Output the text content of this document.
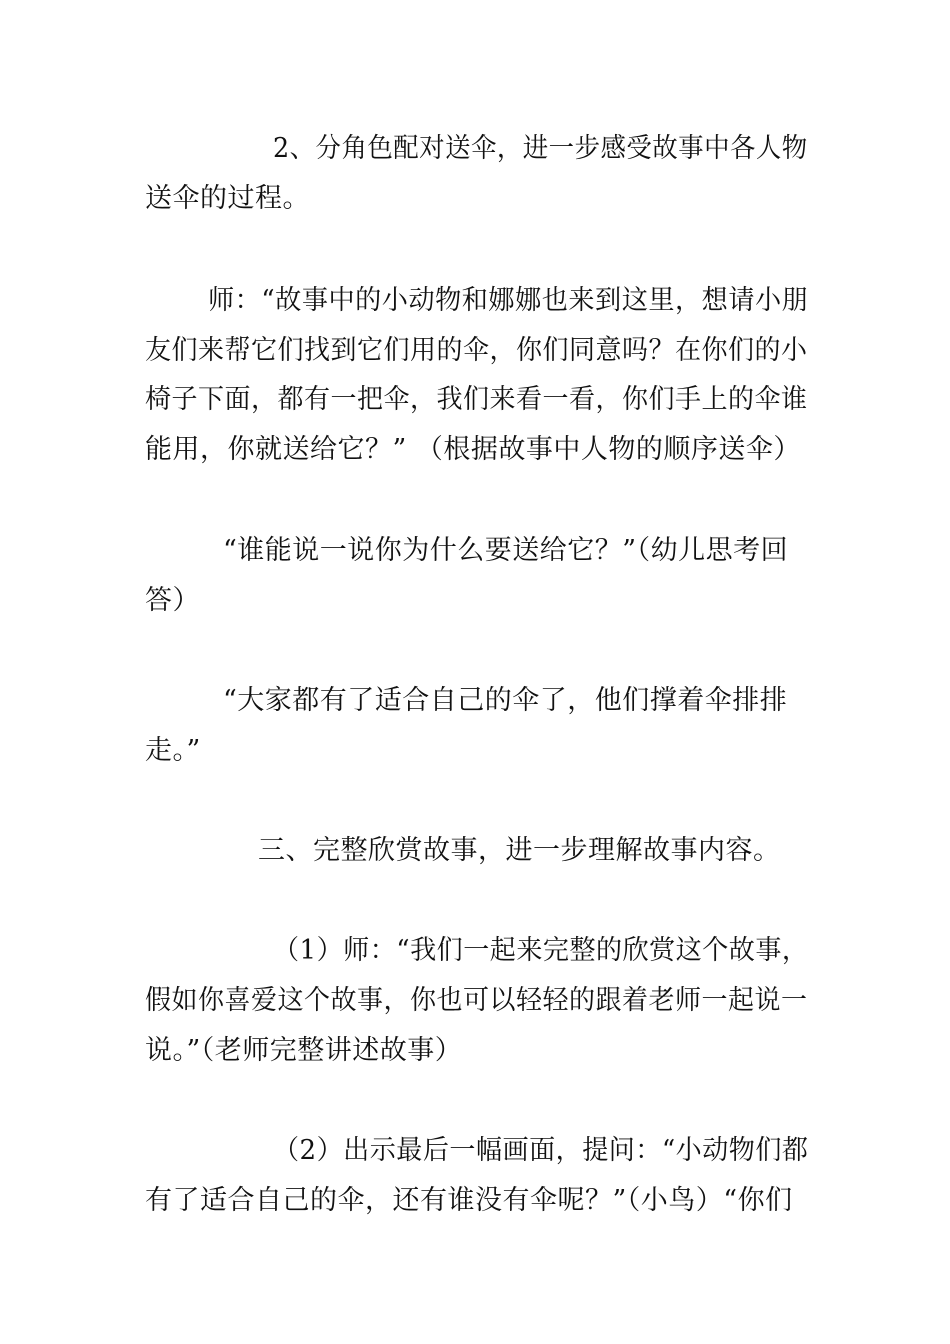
2、分角色配对送伞，进一步感受故事中各人物
送伞的过程。
师：“故事中的小动物和娜娜也来到这里，想请小朋
友们来帮它们找到它们用的伞，你们同意吗？在你们的小
椅子下面，都有一把伞，我们来看一看，你们手上的伞谁
能用，你就送给它？” （根据故事中人物的顺序送伞）
“谁能说一说你为什么要送给它？”（幼儿思考回
答）
“大家都有了适合自己的伞了，他们撑着伞排排
走。”
三、完整欣赏故事，进一步理解故事内容。
（1）师：“我们一起来完整的欣赏这个故事，
假如你喜爱这个故事，你也可以轻轻的跟着老师一起说一
说。”（老师完整讲述故事）
（2）出示最后一幅画面，提问：“小动物们都
有了适合自己的伞，还有谁没有伞呢？”（小鸟）“你们
